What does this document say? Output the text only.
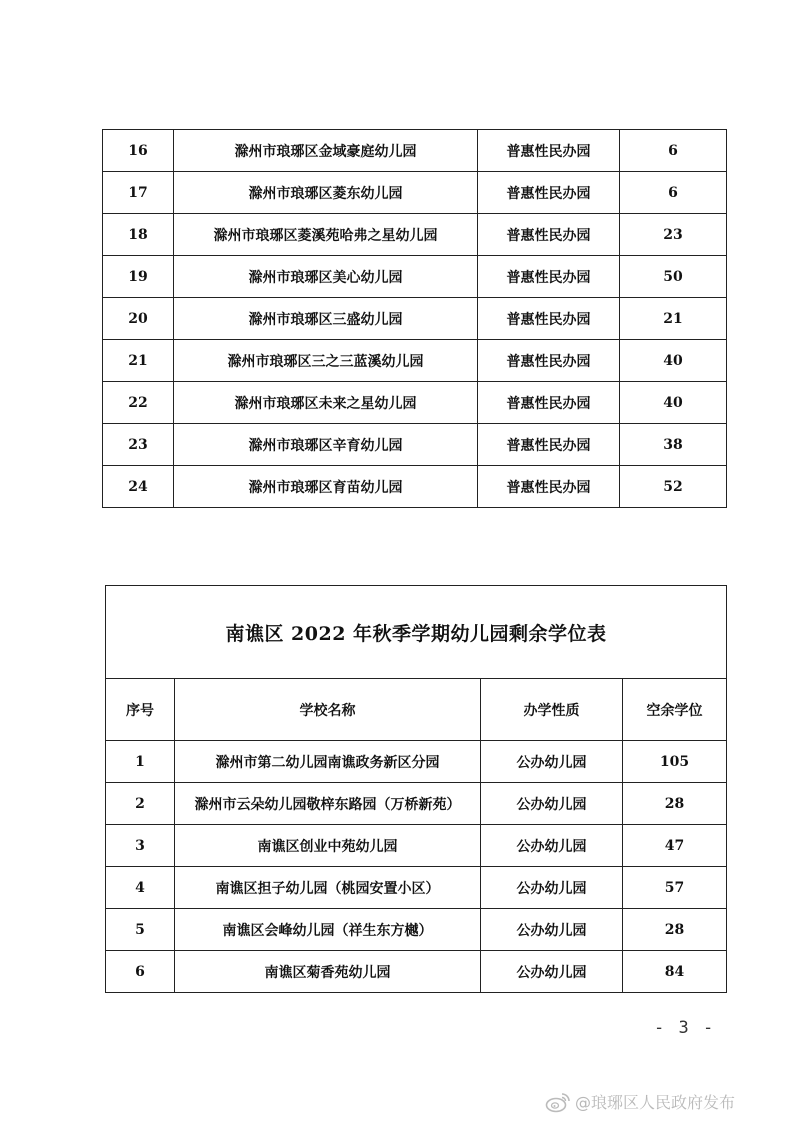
16	滁州市琅琊区金域豪庭幼儿园	普惠性民办园	6
17	滁州市琅琊区菱东幼儿园	普惠性民办园	6
18	滁州市琅琊区菱溪苑哈弗之星幼儿园	普惠性民办园	23
19	滁州市琅琊区美心幼儿园	普惠性民办园	50
20	滁州市琅琊区三盛幼儿园	普惠性民办园	21
21	滁州市琅琊区三之三蓝溪幼儿园	普惠性民办园	40
22	滁州市琅琊区未来之星幼儿园	普惠性民办园	40
23	滁州市琅琊区辛育幼儿园	普惠性民办园	38
24	滁州市琅琊区育苗幼儿园	普惠性民办园	52
南谯区 2022 年秋季学期幼儿园剩余学位表			
序号	学校名称	办学性质	空余学位
1	滁州市第二幼儿园南谯政务新区分园	公办幼儿园	105
2	滁州市云朵幼儿园敬梓东路园（万桥新苑）	公办幼儿园	28
3	南谯区创业中苑幼儿园	公办幼儿园	47
4	南谯区担子幼儿园（桃园安置小区）	公办幼儿园	57
5	南谯区会峰幼儿园（祥生东方樾）	公办幼儿园	28
6	南谯区菊香苑幼儿园	公办幼儿园	84
- 3 -
@琅琊区人民政府发布
